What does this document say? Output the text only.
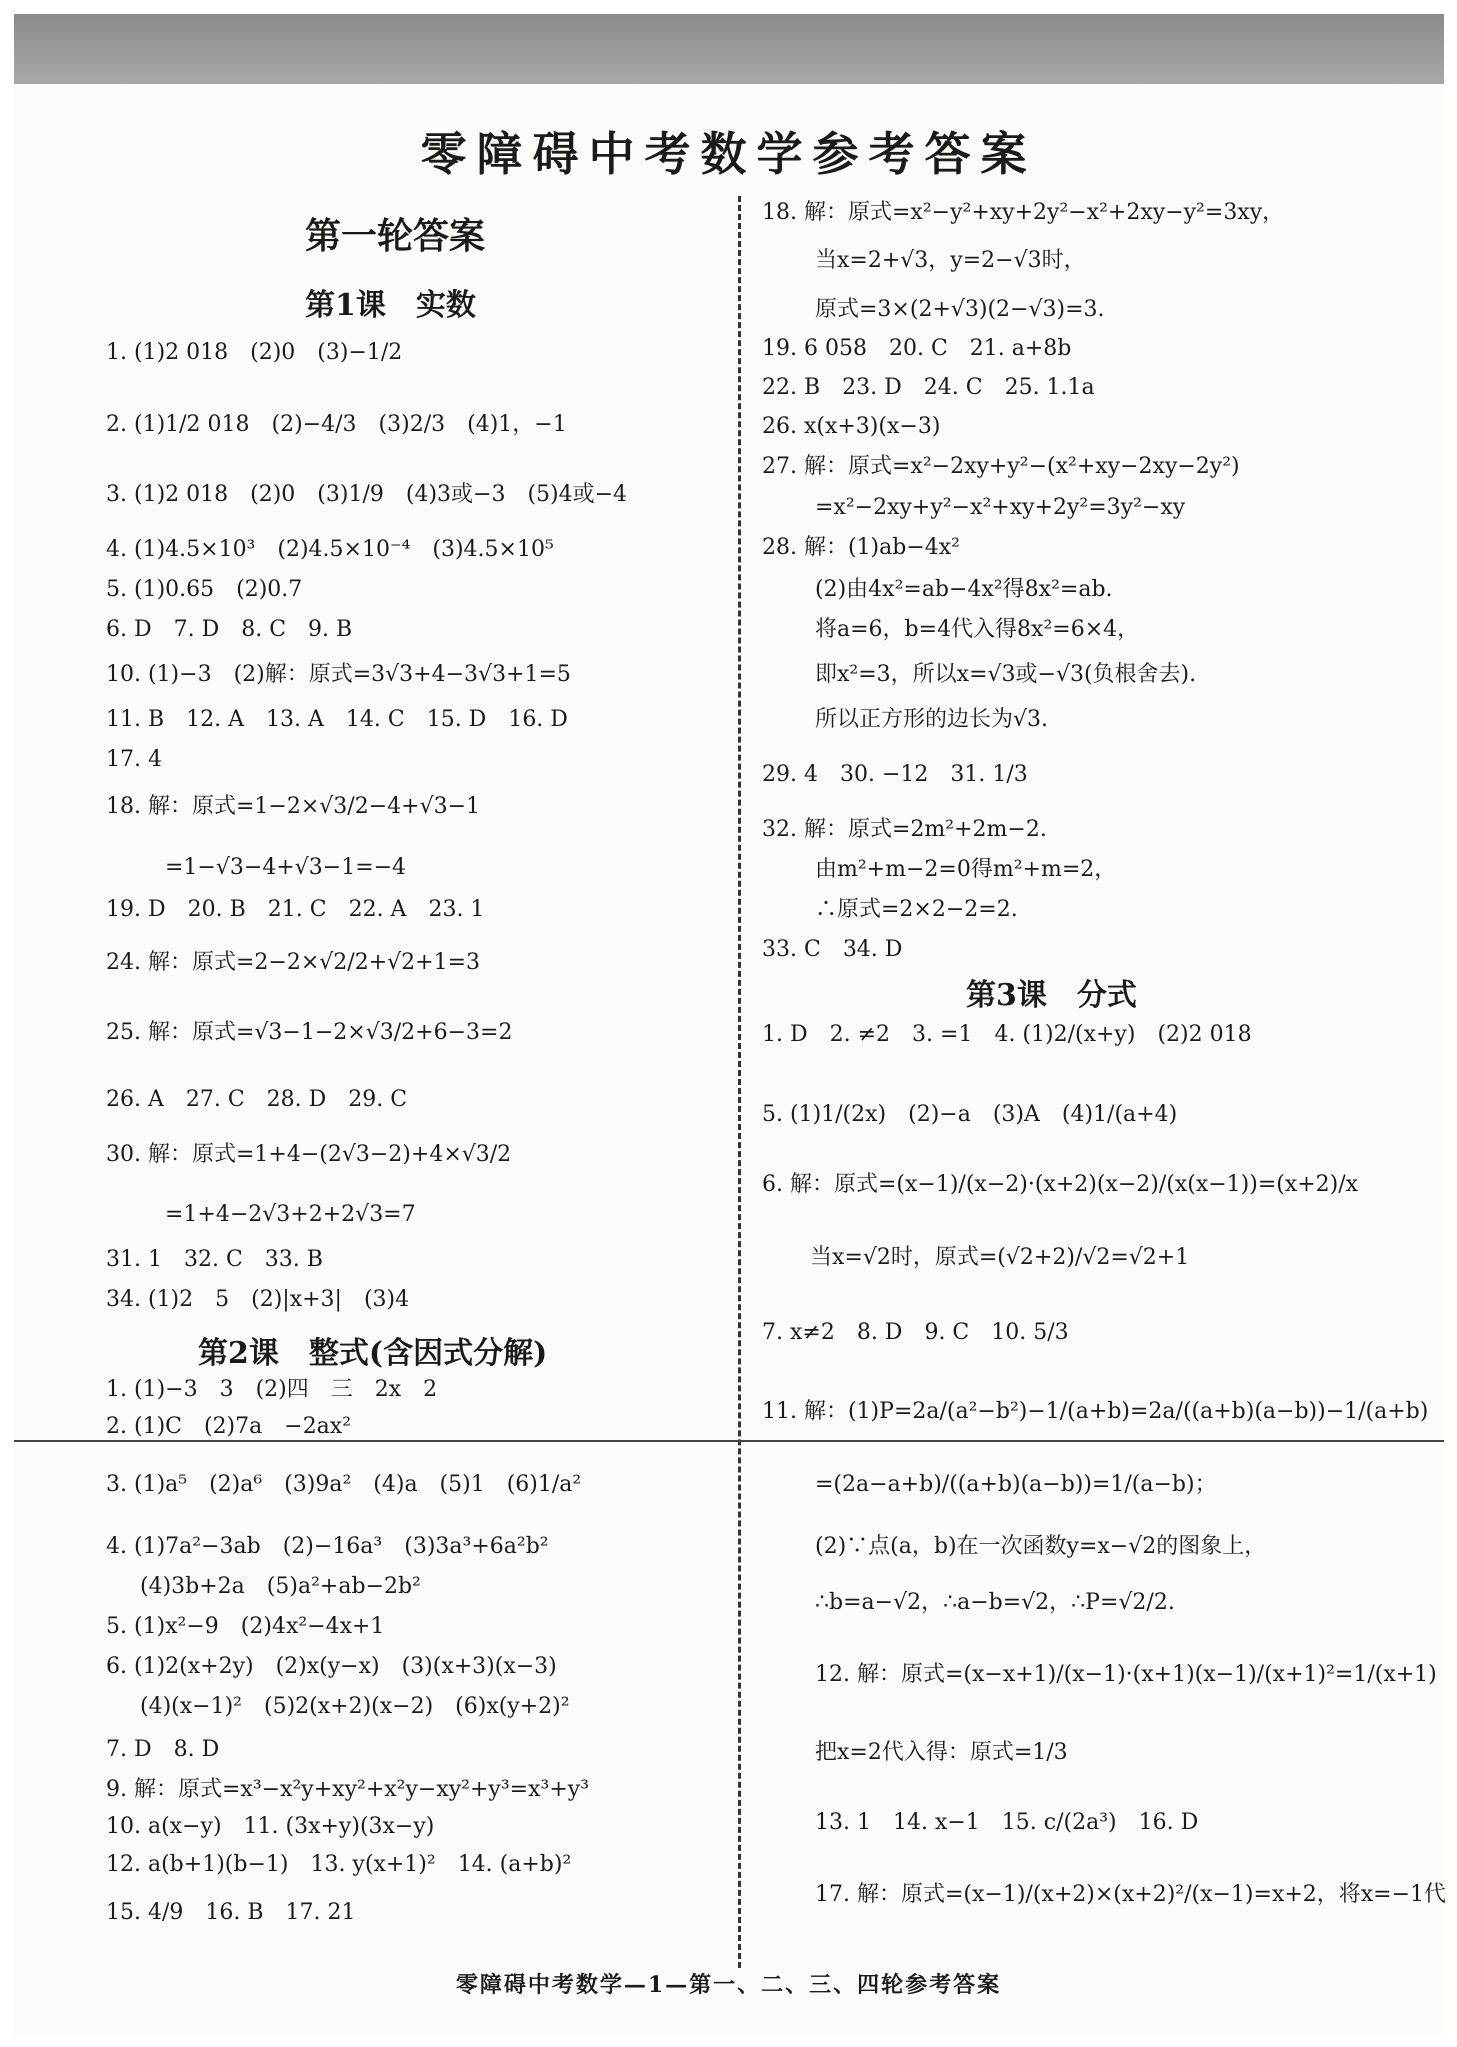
零障碍中考数学参考答案
第一轮答案
第1课　实数
1. (1)2 018　(2)0　(3)−1/2
2. (1)1/2 018　(2)−4/3　(3)2/3　(4)1，−1
3. (1)2 018　(2)0　(3)1/9　(4)3或−3　(5)4或−4
4. (1)4.5×10³　(2)4.5×10⁻⁴　(3)4.5×10⁵
5. (1)0.65　(2)0.7
6. D　7. D　8. C　9. B
10. (1)−3　(2)解：原式=3√3+4−3√3+1=5
11. B　12. A　13. A　14. C　15. D　16. D
17. 4
18. 解：原式=1−2×√3/2−4+√3−1
=1−√3−4+√3−1=−4
19. D　20. B　21. C　22. A　23. 1
24. 解：原式=2−2×√2/2+√2+1=3
25. 解：原式=√3−1−2×√3/2+6−3=2
26. A　27. C　28. D　29. C
30. 解：原式=1+4−(2√3−2)+4×√3/2
=1+4−2√3+2+2√3=7
31. 1　32. C　33. B
34. (1)2　5　(2)|x+3|　(3)4
第2课　整式(含因式分解)
1. (1)−3　3　(2)四　三　2x　2
2. (1)C　(2)7a　−2ax²
3. (1)a⁵　(2)a⁶　(3)9a²　(4)a　(5)1　(6)1/a²
4. (1)7a²−3ab　(2)−16a³　(3)3a³+6a²b²
(4)3b+2a　(5)a²+ab−2b²
5. (1)x²−9　(2)4x²−4x+1
6. (1)2(x+2y)　(2)x(y−x)　(3)(x+3)(x−3)
(4)(x−1)²　(5)2(x+2)(x−2)　(6)x(y+2)²
7. D　8. D
9. 解：原式=x³−x²y+xy²+x²y−xy²+y³=x³+y³
10. a(x−y)　11. (3x+y)(3x−y)
12. a(b+1)(b−1)　13. y(x+1)²　14. (a+b)²
15. 4/9　16. B　17. 21
18. 解：原式=x²−y²+xy+2y²−x²+2xy−y²=3xy，
当x=2+√3，y=2−√3时，
原式=3×(2+√3)(2−√3)=3.
19. 6 058　20. C　21. a+8b
22. B　23. D　24. C　25. 1.1a
26. x(x+3)(x−3)
27. 解：原式=x²−2xy+y²−(x²+xy−2xy−2y²)
=x²−2xy+y²−x²+xy+2y²=3y²−xy
28. 解：(1)ab−4x²
(2)由4x²=ab−4x²得8x²=ab.
将a=6，b=4代入得8x²=6×4，
即x²=3，所以x=√3或−√3(负根舍去).
所以正方形的边长为√3.
29. 4　30. −12　31. 1/3
32. 解：原式=2m²+2m−2.
由m²+m−2=0得m²+m=2，
∴原式=2×2−2=2.
33. C　34. D
第3课　分式
1. D　2. ≠2　3. =1　4. (1)2/(x+y)　(2)2 018
5. (1)1/(2x)　(2)−a　(3)A　(4)1/(a+4)
6. 解：原式=(x−1)/(x−2)·(x+2)(x−2)/(x(x−1))=(x+2)/x
当x=√2时，原式=(√2+2)/√2=√2+1
7. x≠2　8. D　9. C　10. 5/3
11. 解：(1)P=2a/(a²−b²)−1/(a+b)=2a/((a+b)(a−b))−1/(a+b)
=(2a−a+b)/((a+b)(a−b))=1/(a−b)；
(2)∵点(a，b)在一次函数y=x−√2的图象上，
∴b=a−√2，∴a−b=√2，∴P=√2/2.
12. 解：原式=(x−x+1)/(x−1)·(x+1)(x−1)/(x+1)²=1/(x+1)
把x=2代入得：原式=1/3
13. 1　14. x−1　15. c/(2a³)　16. D
17. 解：原式=(x−1)/(x+2)×(x+2)²/(x−1)=x+2，将x=−1代
零障碍中考数学—1—第一、二、三、四轮参考答案
